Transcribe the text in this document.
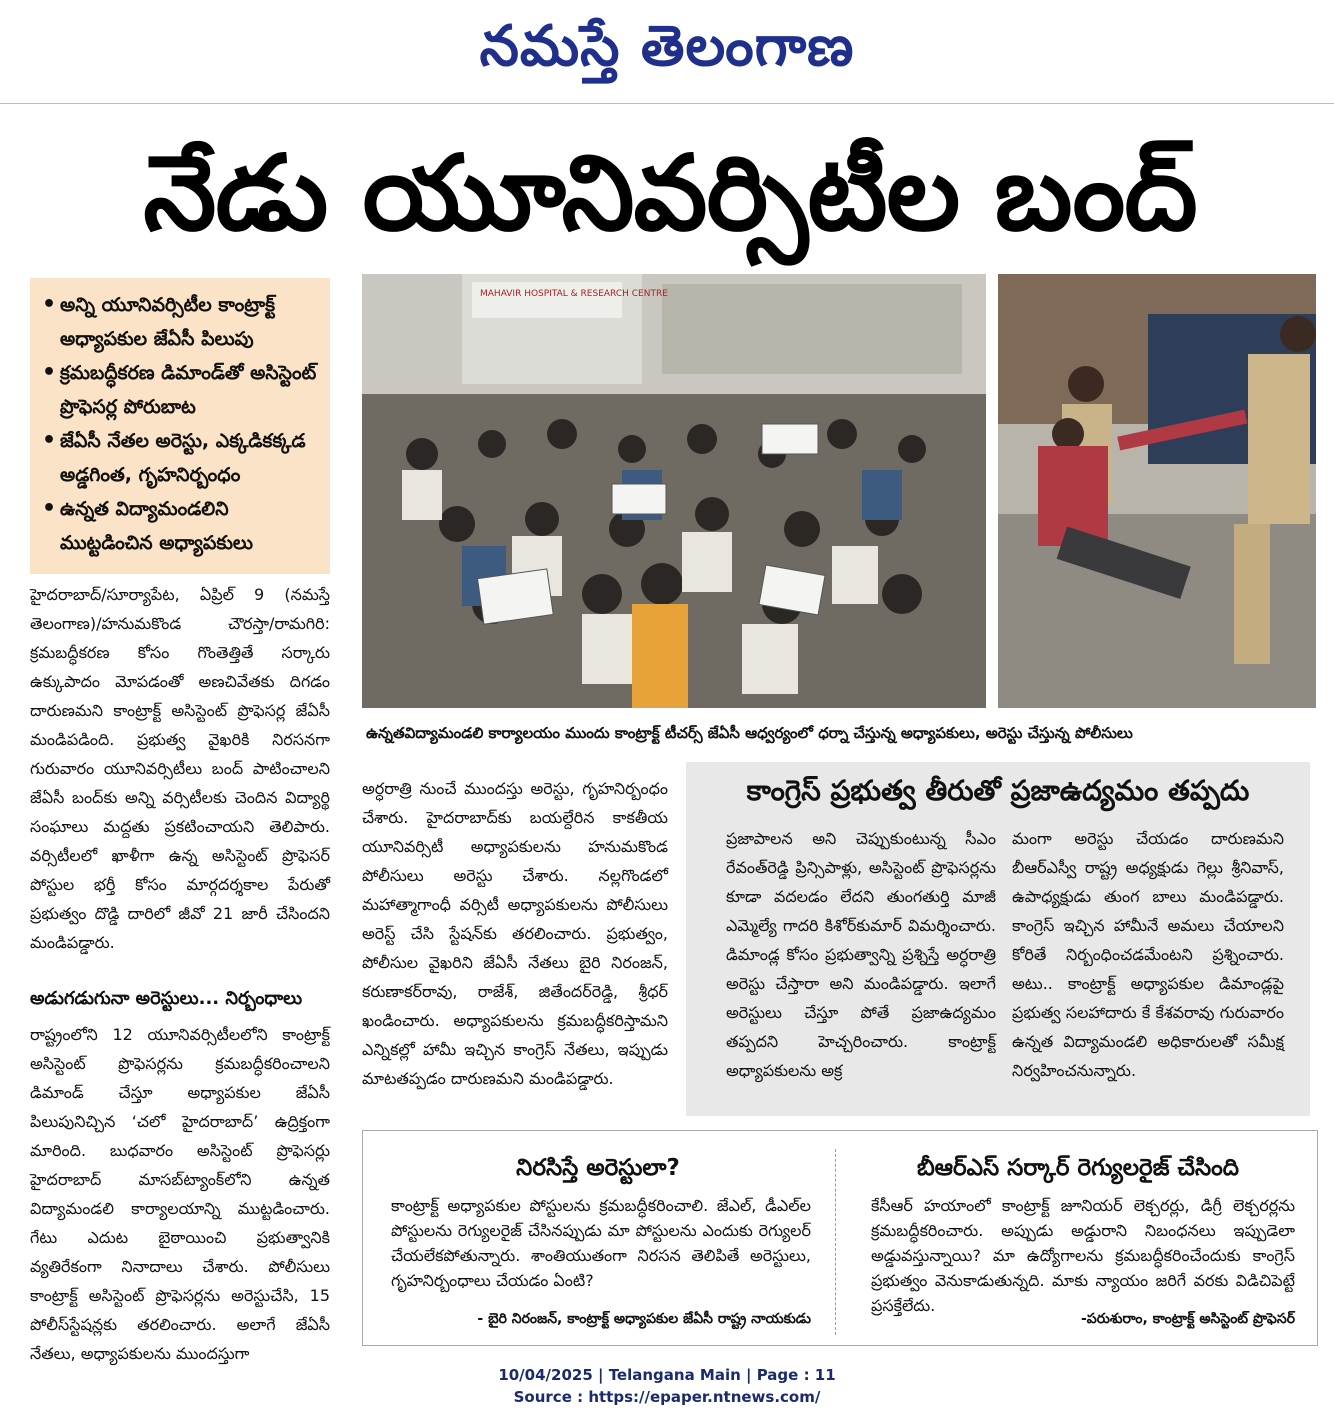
నమస్తే తెలంగాణ
నేడు యూనివర్సిటీల బంద్
• అన్ని యూనివర్సిటీల కాంట్రాక్ట్ అధ్యాపకుల జేఏసీ పిలుపు
• క్రమబద్ధీకరణ డిమాండ్‌తో అసిస్టెంట్ ప్రొఫెసర్ల పోరుబాట
• జేఏసీ నేతల అరెస్టు, ఎక్కడికక్కడ అడ్డగింత, గృహనిర్బంధం
• ఉన్నత విద్యామండలిని ముట్టడించిన అధ్యాపకులు
MAHAVIR HOSPITAL & RESEARCH CENTRE
ఉన్నతవిద్యామండలి కార్యాలయం ముందు కాంట్రాక్ట్ టీచర్స్ జేఏసీ ఆధ్వర్యంలో ధర్నా చేస్తున్న అధ్యాపకులు, అరెస్టు చేస్తున్న పోలీసులు

హైదరాబాద్/సూర్యాపేట, ఏప్రిల్ 9 (నమస్తే తెలంగాణ)/హనుమకొండ చౌరస్తా/రామగిరి: క్రమబద్ధీకరణ కోసం గొంతెత్తితే సర్కారు ఉక్కుపాదం మోపడంతో అణచివేతకు దిగడం దారుణమని కాంట్రాక్ట్ అసిస్టెంట్ ప్రొఫెసర్ల జేఏసీ మండిపడింది. ప్రభుత్వ వైఖరికి నిరసనగా గురువారం యూనివర్సిటీలు బంద్ పాటించాలని జేఏసీ బంద్‌కు అన్ని వర్సిటీలకు చెందిన విద్యార్థి సంఘాలు మద్దతు ప్రకటించాయని తెలిపారు. వర్సిటీలలో ఖాళీగా ఉన్న అసిస్టెంట్ ప్రొఫెసర్ పోస్టుల భర్తీ కోసం మార్గదర్శకాల పేరుతో ప్రభుత్వం దొడ్డి దారిలో జీవో 21 జారీ చేసిందని మండిపడ్డారు.

అడుగడుగునా అరెస్టులు... నిర్బంధాలు

రాష్ట్రంలోని 12 యూనివర్సిటీలలోని కాంట్రాక్ట్ అసిస్టెంట్ ప్రొఫెసర్లను క్రమబద్ధీకరించాలని డిమాండ్ చేస్తూ అధ్యాపకుల జేఏసీ పిలుపునిచ్చిన ‘చలో హైదరాబాద్’ ఉద్రిక్తంగా మారింది. బుధవారం అసిస్టెంట్ ప్రొఫెసర్లు హైదరాబాద్ మాసబ్‌ట్యాంక్‌లోని ఉన్నత విద్యామండలి కార్యాలయాన్ని ముట్టడించారు. గేటు ఎదుట బైఠాయించి ప్రభుత్వానికి వ్యతిరేకంగా నినాదాలు చేశారు. పోలీసులు కాంట్రాక్ట్ అసిస్టెంట్ ప్రొఫెసర్లను అరెస్టుచేసి, 15 పోలీస్‌స్టేషన్లకు తరలించారు. అలాగే జేఏసీ నేతలు, అధ్యాపకులను ముందస్తుగా

అర్ధరాత్రి నుంచే ముందస్తు అరెస్టు, గృహనిర్బంధం చేశారు. హైదరాబాద్‌కు బయల్దేరిన కాకతీయ యూనివర్సిటీ అధ్యాపకులను హనుమకొండ పోలీసులు అరెస్టు చేశారు. నల్లగొండలో మహాత్మాగాంధీ వర్సిటీ అధ్యాపకులను పోలీసులు అరెస్ట్ చేసి స్టేషన్‌కు తరలించారు. ప్రభుత్వం, పోలీసుల వైఖరిని జేఏసీ నేతలు బైరి నిరంజన్, కరుణాకర్‌రావు, రాజేశ్, జితేందర్‌రెడ్డి, శ్రీధర్ ఖండించారు. అధ్యాపకులను క్రమబద్ధీకరిస్తామని ఎన్నికల్లో హామీ ఇచ్చిన కాంగ్రెస్ నేతలు, ఇప్పుడు మాటతప్పడం దారుణమని మండిపడ్డారు.

కాంగ్రెస్ ప్రభుత్వ తీరుతో ప్రజాఉద్యమం తప్పదు
ప్రజాపాలన అని చెప్పుకుంటున్న సీఎం రేవంత్‌రెడ్డి ప్రిన్సిపాళ్లు, అసిస్టెంట్ ప్రొఫెసర్లను కూడా వదలడం లేదని తుంగతుర్తి మాజీ ఎమ్మెల్యే గాదరి కిశోర్‌కుమార్ విమర్శించారు. డిమాండ్ల కోసం ప్రభుత్వాన్ని ప్రశ్నిస్తే అర్ధరాత్రి అరెస్టు చేస్తారా అని మండిపడ్డారు. ఇలాగే అరెస్టులు చేస్తూ పోతే ప్రజాఉద్యమం తప్పదని హెచ్చరించారు. కాంట్రాక్ట్ అధ్యాపకులను అక్ర
మంగా అరెస్టు చేయడం దారుణమని బీఆర్‌ఎస్వీ రాష్ట్ర అధ్యక్షుడు గెల్లు శ్రీనివాస్, ఉపాధ్యక్షుడు తుంగ బాలు మండిపడ్డారు. కాంగ్రెస్ ఇచ్చిన హామీనే అమలు చేయాలని కోరితే నిర్బంధించడమేంటని ప్రశ్నించారు. అటు.. కాంట్రాక్ట్ అధ్యాపకుల డిమాండ్లపై ప్రభుత్వ సలహాదారు కే కేశవరావు గురువారం ఉన్నత విద్యామండలి అధికారులతో సమీక్ష నిర్వహించనున్నారు.
నిరసిస్తే అరెస్టులా?
కాంట్రాక్ట్ అధ్యాపకుల పోస్టులను క్రమబద్ధీకరించాలి. జేఎల్, డీఎల్‌ల పోస్టులను రెగ్యులరైజ్ చేసినప్పుడు మా పోస్టులను ఎందుకు రెగ్యులర్ చేయలేకపోతున్నారు. శాంతియుతంగా నిరసన తెలిపితే అరెస్టులు, గృహనిర్బంధాలు చేయడం ఏంటి?
- బైరి నిరంజన్, కాంట్రాక్ట్ అధ్యాపకుల జేఏసీ రాష్ట్ర నాయకుడు
బీఆర్‌ఎస్ సర్కార్ రెగ్యులరైజ్ చేసింది
కేసీఆర్ హయాంలో కాంట్రాక్ట్ జూనియర్ లెక్చరర్లు, డిగ్రీ లెక్చరర్లను క్రమబద్ధీకరించారు. అప్పుడు అడ్డురాని నిబంధనలు ఇప్పుడెలా అడ్డువస్తున్నాయి? మా ఉద్యోగాలను క్రమబద్ధీకరించేందుకు కాంగ్రెస్ ప్రభుత్వం వెనుకాడుతున్నది. మాకు న్యాయం జరిగే వరకు విడిచిపెట్టే ప్రసక్తేలేదు.
-పరుశురాం, కాంట్రాక్ట్ అసిస్టెంట్ ప్రొఫెసర్
10/04/2025 | Telangana Main | Page : 11
Source : https://epaper.ntnews.com/
